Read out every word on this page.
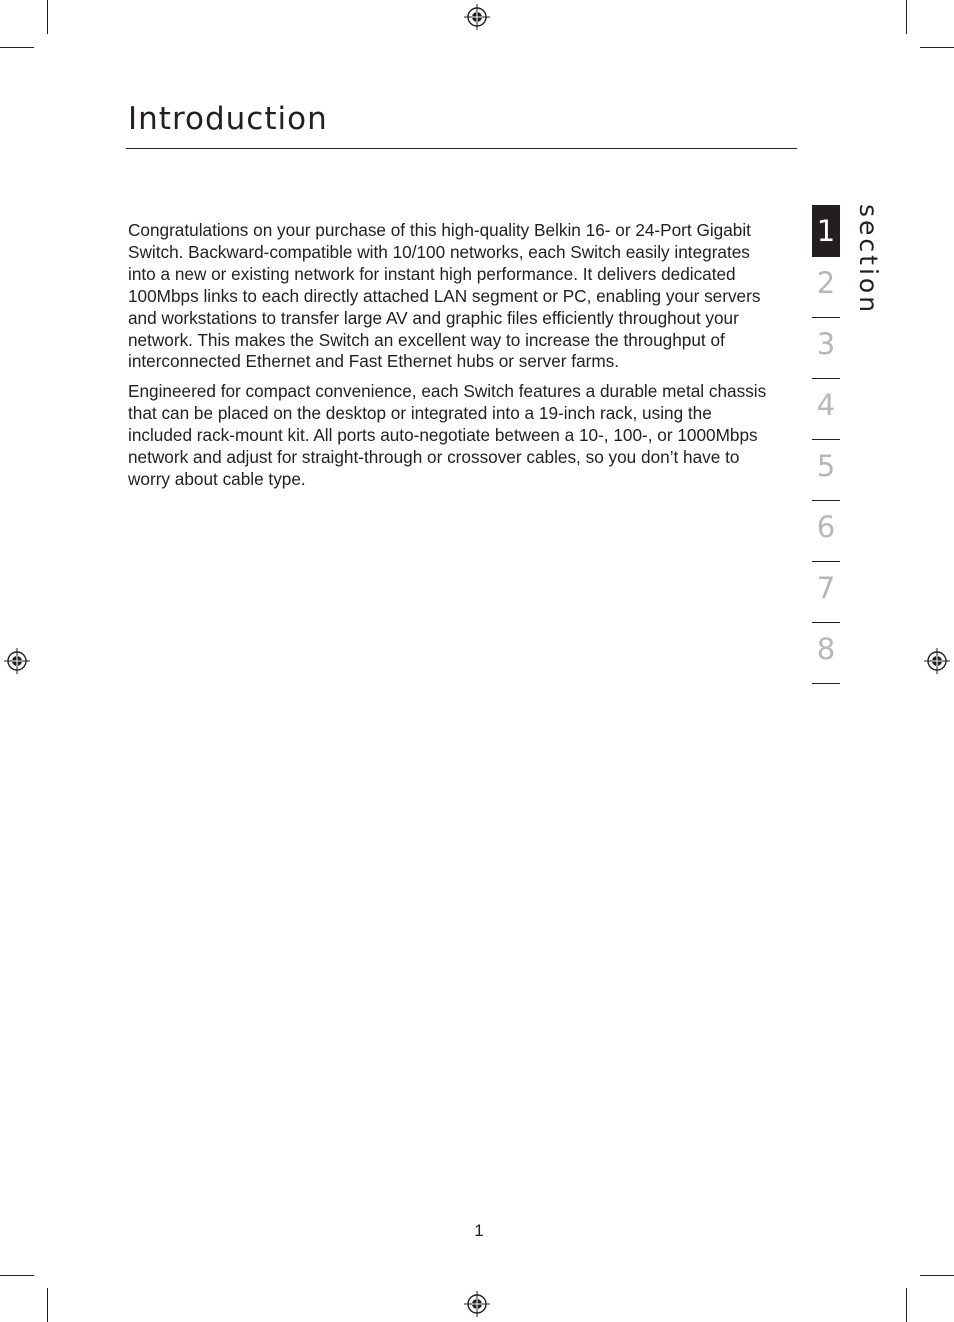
Introduction

Congratulations on your purchase of this high-quality Belkin 16- or 24-Port Gigabit Switch. Backward-compatible with 10/100 networks, each Switch easily integrates into a new or existing network for instant high performance. It delivers dedicated 100Mbps links to each directly attached LAN segment or PC, enabling your servers and workstations to transfer large AV and graphic files efficiently throughout your network. This makes the Switch an excellent way to increase the throughput of interconnected Ethernet and Fast Ethernet hubs or server farms.

Engineered for compact convenience, each Switch features a durable metal chassis that can be placed on the desktop or integrated into a 19-inch rack, using the included rack-mount kit. All ports auto-negotiate between a 10-, 100-, or 1000Mbps network and adjust for straight-through or crossover cables, so you don’t have to worry about cable type.

1
2
3
4
5
6
7
8
section
1
